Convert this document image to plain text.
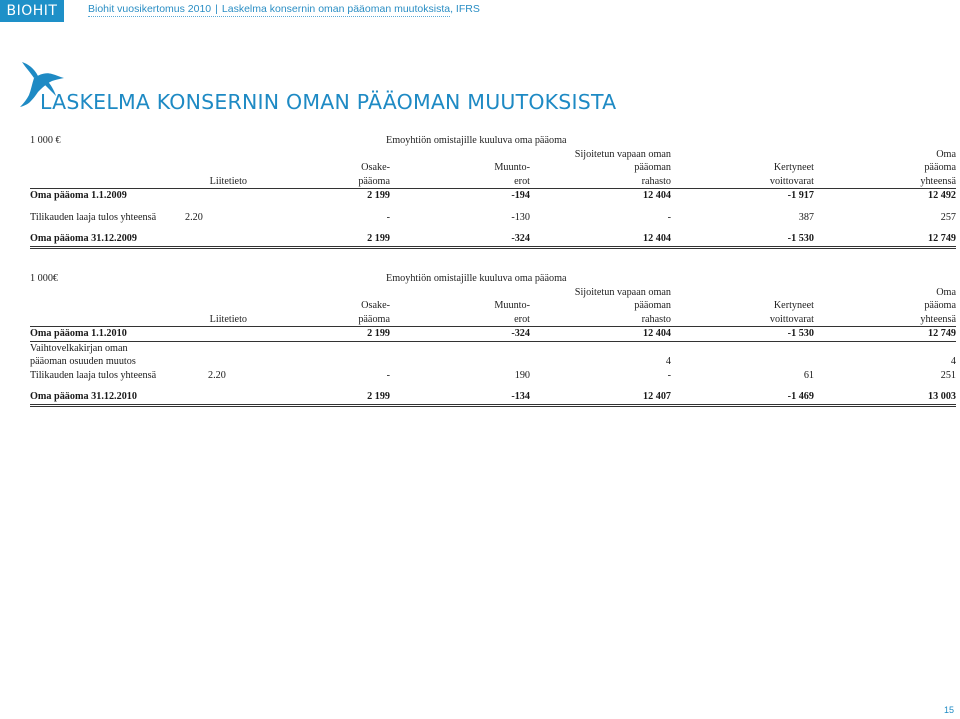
BIOHIT	Biohit vuosikertomus 2010 | Laskelma konsernin oman pääoman muutoksista, IFRS
LASKELMA KONSERNIN OMAN PÄÄOMAN MUUTOKSISTA
1 000 €			Emoyhtiön omistajille kuuluva oma pääoma			
				Sijoitetun vapaan oman		Oma
		Osake-	Muunto-	pääoman	Kertyneet	pääoma
	Liitetieto	pääoma	erot	rahasto	voittovarat	yhteensä
Oma pääoma 1.1.2009		2 199	-194	12 404	-1 917	12 492

Tilikauden laaja tulos yhteensä	2.20	-	-130	-	387	257

Oma pääoma 31.12.2009		2 199	-324	12 404	-1 530	12 749

1 000€			Emoyhtiön omistajille kuuluva oma pääoma			
				Sijoitetun vapaan oman		Oma
		Osake-	Muunto-	pääoman	Kertyneet	pääoma
	Liitetieto	pääoma	erot	rahasto	voittovarat	yhteensä
Oma pääoma 1.1.2010		2 199	-324	12 404	-1 530	12 749
Vaihtovelkakirjan oman						
pääoman osuuden muutos				4		4
Tilikauden laaja tulos yhteensä	2.20	-	190	-	61	251

Oma pääoma 31.12.2010		2 199	-134	12 407	-1 469	13 003

15
